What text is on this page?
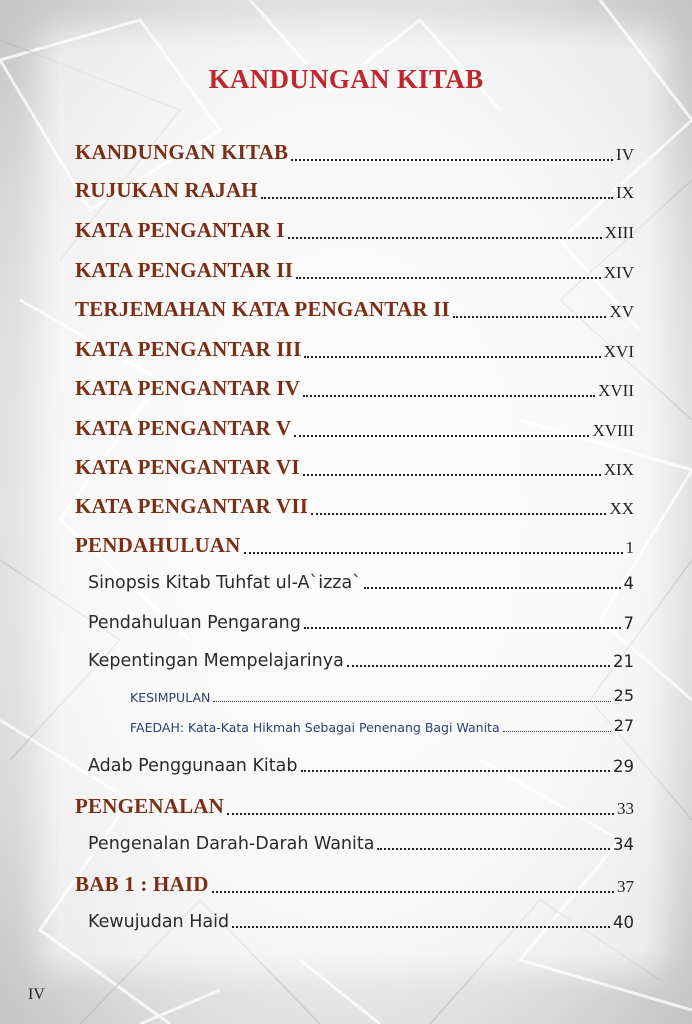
KANDUNGAN KITAB
KANDUNGAN KITAB	IV
RUJUKAN RAJAH	IX
KATA PENGANTAR I	XIII
KATA PENGANTAR II	XIV
TERJEMAHAN KATA PENGANTAR II	XV
KATA PENGANTAR III	XVI
KATA PENGANTAR IV	XVII
KATA PENGANTAR V	XVIII
KATA PENGANTAR VI	XIX
KATA PENGANTAR VII	XX
PENDAHULUAN	1
Sinopsis Kitab Tuhfat ul-A`izza`	4
Pendahuluan Pengarang	7
Kepentingan Mempelajarinya	21
KESIMPULAN	25
FAEDAH: Kata-Kata Hikmah Sebagai Penenang Bagi Wanita	27
Adab Penggunaan Kitab	29
PENGENALAN	33
Pengenalan Darah-Darah Wanita	34
BAB 1 : HAID	37
Kewujudan Haid	40
IV
